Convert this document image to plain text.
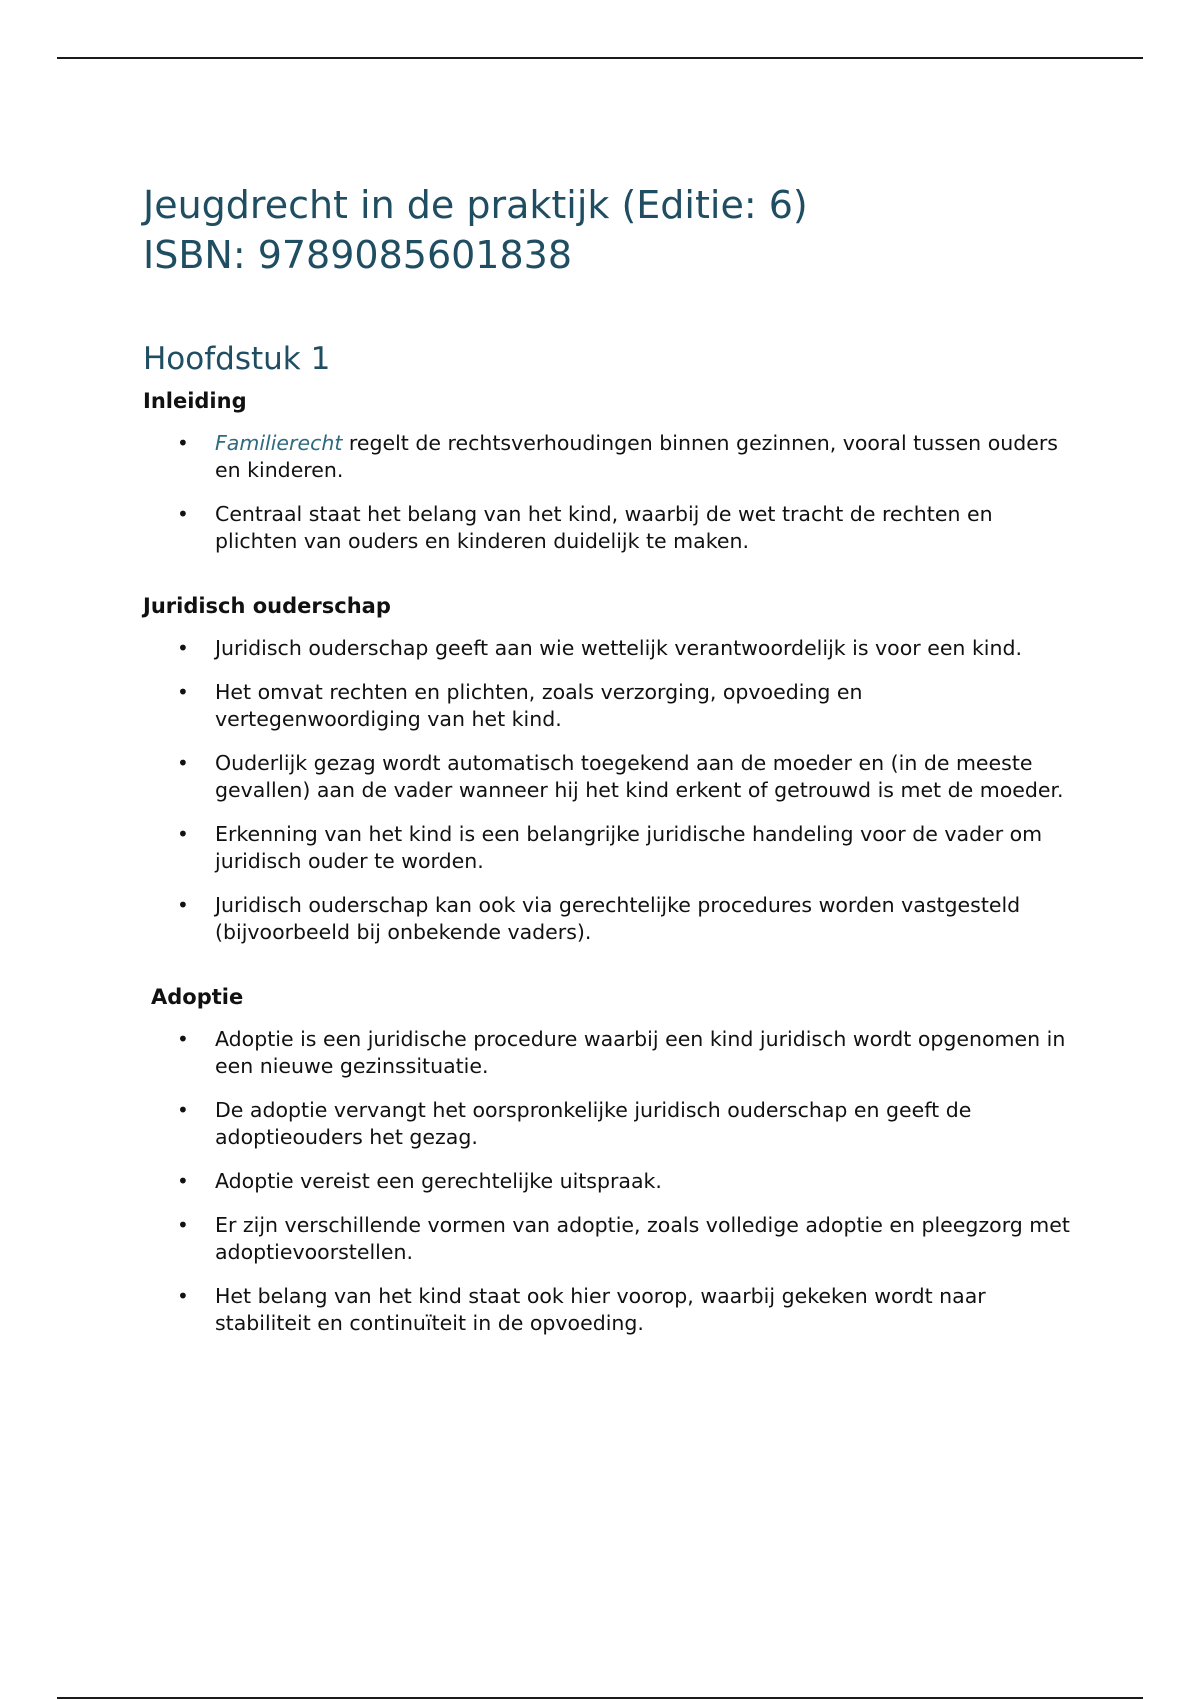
Jeugdrecht in de praktijk (Editie: 6)
ISBN: 9789085601838
Hoofdstuk 1
Inleiding
• Familierecht regelt de rechtsverhoudingen binnen gezinnen, vooral tussen ouders en kinderen.
• Centraal staat het belang van het kind, waarbij de wet tracht de rechten en plichten van ouders en kinderen duidelijk te maken.
Juridisch ouderschap
• Juridisch ouderschap geeft aan wie wettelijk verantwoordelijk is voor een kind.
• Het omvat rechten en plichten, zoals verzorging, opvoeding en vertegenwoordiging van het kind.
• Ouderlijk gezag wordt automatisch toegekend aan de moeder en (in de meeste gevallen) aan de vader wanneer hij het kind erkent of getrouwd is met de moeder.
• Erkenning van het kind is een belangrijke juridische handeling voor de vader om juridisch ouder te worden.
• Juridisch ouderschap kan ook via gerechtelijke procedures worden vastgesteld (bijvoorbeeld bij onbekende vaders).
Adoptie
• Adoptie is een juridische procedure waarbij een kind juridisch wordt opgenomen in een nieuwe gezinssituatie.
• De adoptie vervangt het oorspronkelijke juridisch ouderschap en geeft de adoptieouders het gezag.
• Adoptie vereist een gerechtelijke uitspraak.
• Er zijn verschillende vormen van adoptie, zoals volledige adoptie en pleegzorg met adoptievoorstellen.
• Het belang van het kind staat ook hier voorop, waarbij gekeken wordt naar stabiliteit en continuïteit in de opvoeding.
